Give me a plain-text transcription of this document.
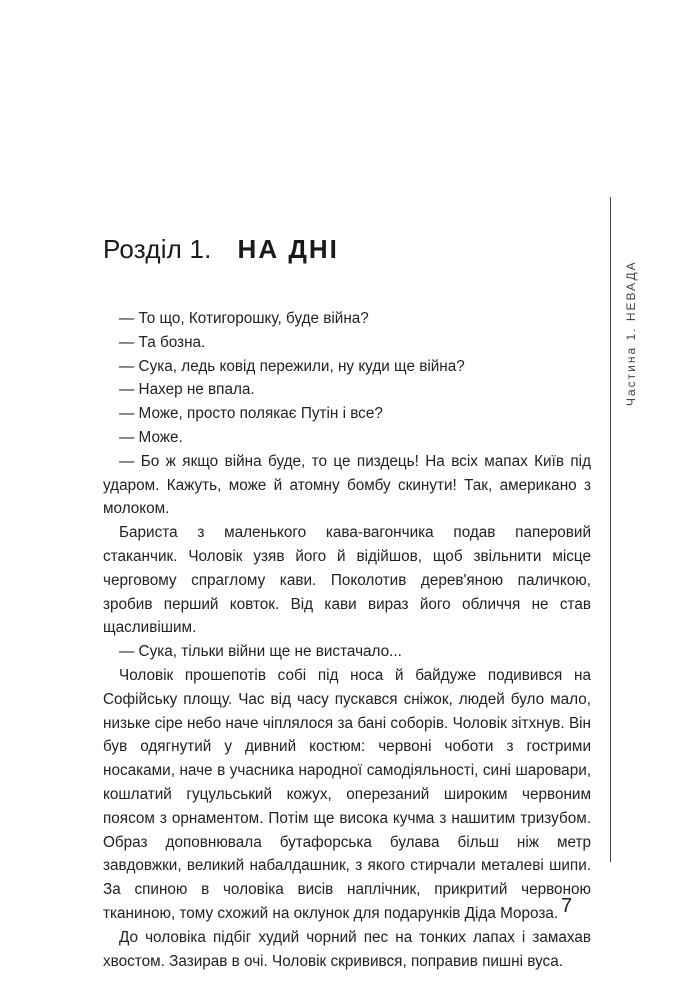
Розділ 1. НА ДНІ
Частина 1. НЕВАДА

— То що, Котигорошку, буде війна?

— Та бозна.

— Сука, ледь ковід пережили, ну куди ще війна?

— Нахер не впала.

— Може, просто полякає Путін і все?

— Може.

— Бо ж якщо війна буде, то це пиздець! На всіх мапах Київ під ударом. Кажуть, може й атомну бомбу скинути! Так, американо з молоком.

Бариста з маленького кава-вагончика подав паперовий стаканчик. Чоловік узяв його й відійшов, щоб звільнити місце черговому спраглому кави. Поколотив дерев'яною паличкою, зробив перший ковток. Від кави вираз його обличчя не став щасливішим.

— Сука, тільки війни ще не вистачало...

Чоловік прошепотів собі під носа й байдуже подивився на Софійську площу. Час від часу пускався сніжок, людей було мало, низьке сіре небо наче чіплялося за бані соборів. Чоловік зітхнув. Він був одягнутий у дивний костюм: червоні чоботи з гострими носаками, наче в учасника народної самодіяльності, сині шаровари, кошлатий гуцульський кожух, оперезаний широким червоним поясом з орнаментом. Потім ще висока кучма з нашитим тризубом. Образ доповнювала бутафорська булава більш ніж метр завдовжки, великий набалдашник, з якого стирчали металеві шипи. За спиною в чоловіка висів наплічник, прикритий червоною тканиною, тому схожий на оклунок для подарунків Діда Мороза.

До чоловіка підбіг худий чорний пес на тонких лапах і замахав хвостом. Зазирав в очі. Чоловік скривився, поправив пишні вуса.

7
